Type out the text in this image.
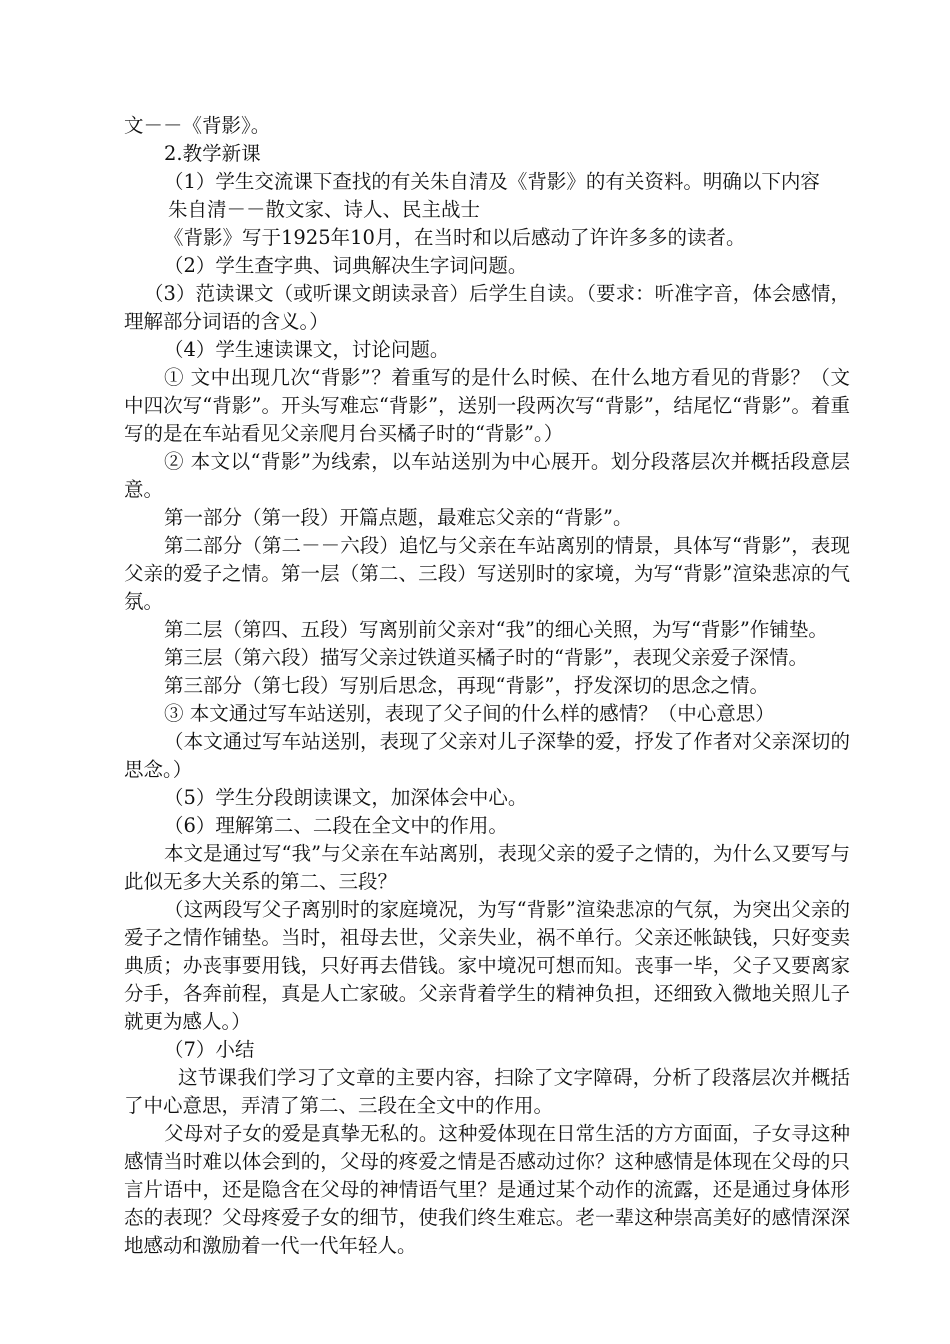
文－－《背影》。

2.教学新课

（1）学生交流课下查找的有关朱自清及《背影》的有关资料。明确以下内容

朱自清－－散文家、诗人、民主战士

《背影》写于1925年10月，在当时和以后感动了许许多多的读者。

（2）学生查字典、词典解决生字词问题。

（3）范读课文（或听课文朗读录音）后学生自读。（要求：听准字音，体会感情，理解部分词语的含义。）

（4）学生速读课文，讨论问题。

① 文中出现几次“背影”？着重写的是什么时候、在什么地方看见的背影？（文中四次写“背影”。开头写难忘“背影”，送别一段两次写“背影”，结尾忆“背影”。着重写的是在车站看见父亲爬月台买橘子时的“背影”。）

② 本文以“背影”为线索，以车站送别为中心展开。划分段落层次并概括段意层意。

第一部分（第一段）开篇点题，最难忘父亲的“背影”。

第二部分（第二－－六段）追忆与父亲在车站离别的情景，具体写“背影”，表现父亲的爱子之情。第一层（第二、三段）写送别时的家境，为写“背影”渲染悲凉的气氛。

第二层（第四、五段）写离别前父亲对“我”的细心关照，为写“背影”作铺垫。

第三层（第六段）描写父亲过铁道买橘子时的“背影”，表现父亲爱子深情。

第三部分（第七段）写别后思念，再现“背影”，抒发深切的思念之情。

③ 本文通过写车站送别，表现了父子间的什么样的感情？（中心意思）

（本文通过写车站送别，表现了父亲对儿子深挚的爱，抒发了作者对父亲深切的思念。）

（5）学生分段朗读课文，加深体会中心。

（6）理解第二、二段在全文中的作用。

本文是通过写“我”与父亲在车站离别，表现父亲的爱子之情的，为什么又要写与此似无多大关系的第二、三段？

（这两段写父子离别时的家庭境况，为写“背影”渲染悲凉的气氛，为突出父亲的爱子之情作铺垫。当时，祖母去世，父亲失业，祸不单行。父亲还帐缺钱，只好变卖典质；办丧事要用钱，只好再去借钱。家中境况可想而知。丧事一毕，父子又要离家分手，各奔前程，真是人亡家破。父亲背着学生的精神负担，还细致入微地关照儿子就更为感人。）

（7）小结

这节课我们学习了文章的主要内容，扫除了文字障碍，分析了段落层次并概括了中心意思，弄清了第二、三段在全文中的作用。

父母对子女的爱是真挚无私的。这种爱体现在日常生活的方方面面，子女寻这种感情当时难以体会到的，父母的疼爱之情是否感动过你？这种感情是体现在父母的只言片语中，还是隐含在父母的神情语气里？是通过某个动作的流露，还是通过身体形态的表现？父母疼爱子女的细节，使我们终生难忘。老一辈这种崇高美好的感情深深地感动和激励着一代一代年轻人。
